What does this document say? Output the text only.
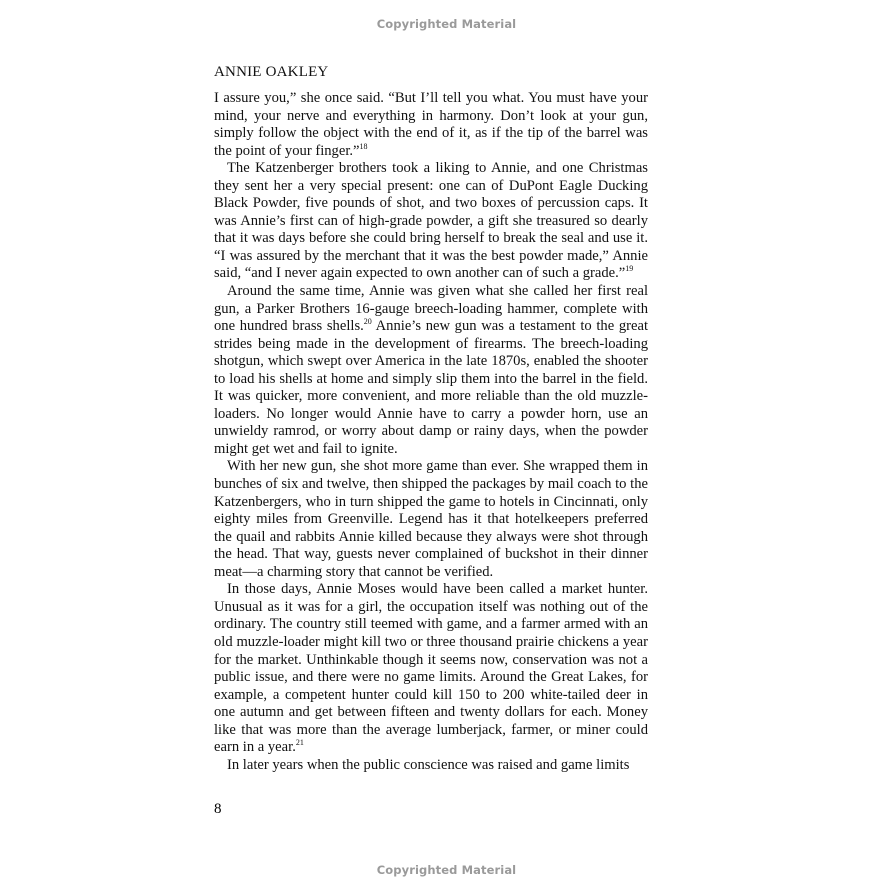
Copyrighted Material
ANNIE OAKLEY

I assure you,” she once said. “But I’ll tell you what. You must have your mind, your nerve and everything in harmony. Don’t look at your gun, simply follow the object with the end of it, as if the tip of the barrel was the point of your finger.”$^{18}$

The Katzenberger brothers took a liking to Annie, and one Christmas they sent her a very special present: one can of DuPont Eagle Ducking Black Powder, five pounds of shot, and two boxes of percussion caps. It was Annie’s first can of high-grade powder, a gift she treasured so dearly that it was days before she could bring herself to break the seal and use it. “I was assured by the merchant that it was the best powder made,” Annie said, “and I never again expected to own another can of such a grade.”$^{19}$

Around the same time, Annie was given what she called her first real gun, a Parker Brothers 16-gauge breech-loading hammer, complete with one hundred brass shells.$^{20}$ Annie’s new gun was a testament to the great strides being made in the development of firearms. The breech-loading shotgun, which swept over America in the late 1870s, enabled the shooter to load his shells at home and simply slip them into the barrel in the field. It was quicker, more convenient, and more reliable than the old muzzle-loaders. No longer would Annie have to carry a powder horn, use an unwieldy ramrod, or worry about damp or rainy days, when the powder might get wet and fail to ignite.

With her new gun, she shot more game than ever. She wrapped them in bunches of six and twelve, then shipped the packages by mail coach to the Katzenbergers, who in turn shipped the game to hotels in Cincinnati, only eighty miles from Greenville. Legend has it that hotelkeepers preferred the quail and rabbits Annie killed because they always were shot through the head. That way, guests never complained of buckshot in their dinner meat—a charming story that cannot be verified.

In those days, Annie Moses would have been called a market hunter. Unusual as it was for a girl, the occupation itself was nothing out of the ordinary. The country still teemed with game, and a farmer armed with an old muzzle-loader might kill two or three thousand prairie chickens a year for the market. Unthinkable though it seems now, conservation was not a public issue, and there were no game limits. Around the Great Lakes, for example, a competent hunter could kill 150 to 200 white-tailed deer in one autumn and get between fifteen and twenty dollars for each. Money like that was more than the average lumberjack, farmer, or miner could earn in a year.$^{21}$

In later years when the public conscience was raised and game limits

8
Copyrighted Material
